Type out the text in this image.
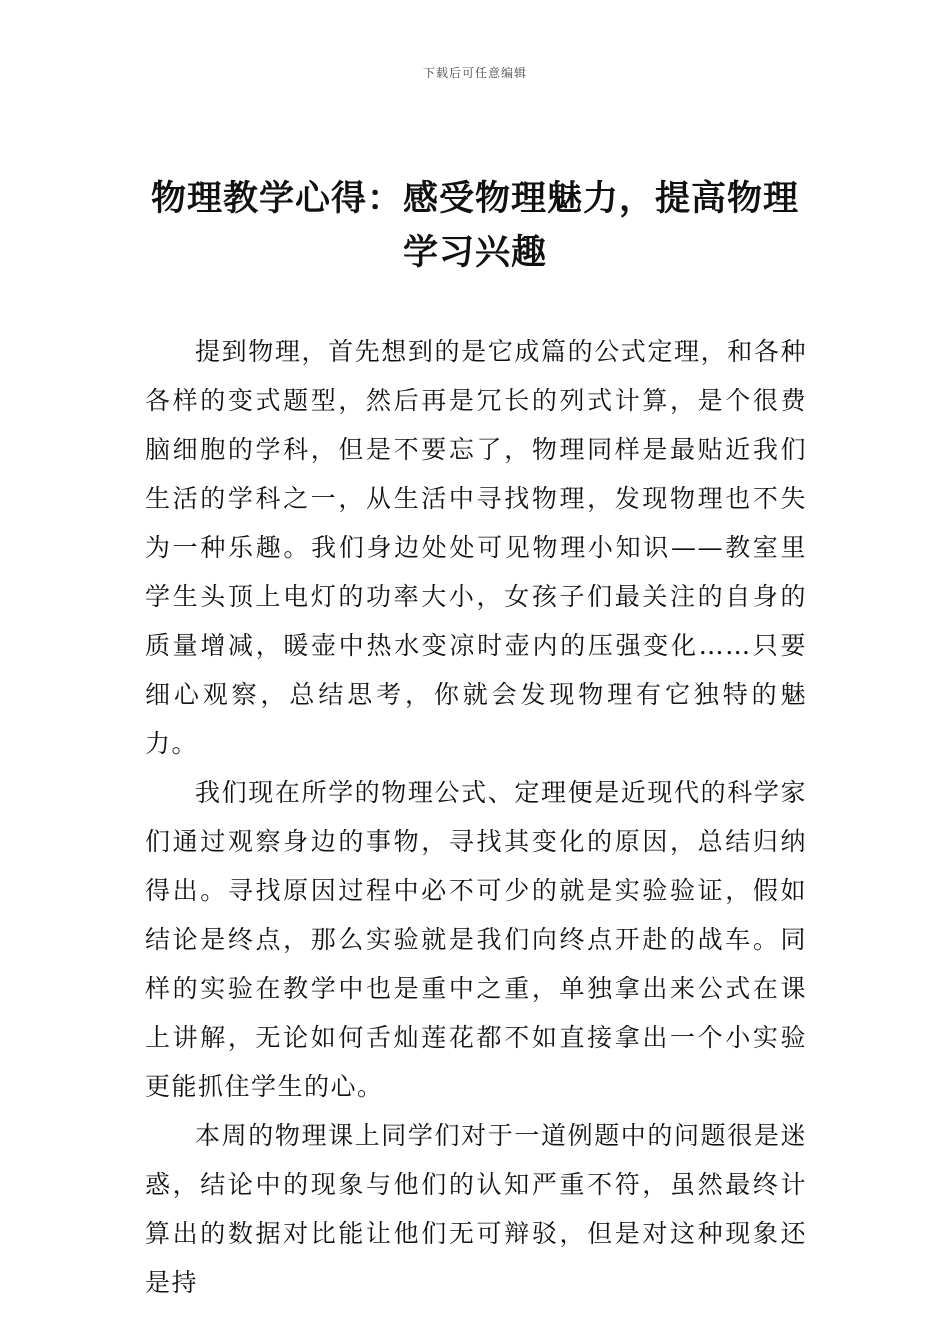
下载后可任意编辑
物理教学心得：感受物理魅力，提高物理学习兴趣

提到物理，首先想到的是它成篇的公式定理，和各种各样的变式题型，然后再是冗长的列式计算，是个很费脑细胞的学科，但是不要忘了，物理同样是最贴近我们生活的学科之一，从生活中寻找物理，发现物理也不失为一种乐趣。我们身边处处可见物理小知识——教室里学生头顶上电灯的功率大小，女孩子们最关注的自身的质量增减，暖壶中热水变凉时壶内的压强变化……只要细心观察，总结思考，你就会发现物理有它独特的魅力。

我们现在所学的物理公式、定理便是近现代的科学家们通过观察身边的事物，寻找其变化的原因，总结归纳得出。寻找原因过程中必不可少的就是实验验证，假如结论是终点，那么实验就是我们向终点开赴的战车。同样的实验在教学中也是重中之重，单独拿出来公式在课上讲解，无论如何舌灿莲花都不如直接拿出一个小实验更能抓住学生的心。

本周的物理课上同学们对于一道例题中的问题很是迷惑，结论中的现象与他们的认知严重不符，虽然最终计算出的数据对比能让他们无可辩驳，但是对这种现象还是持
